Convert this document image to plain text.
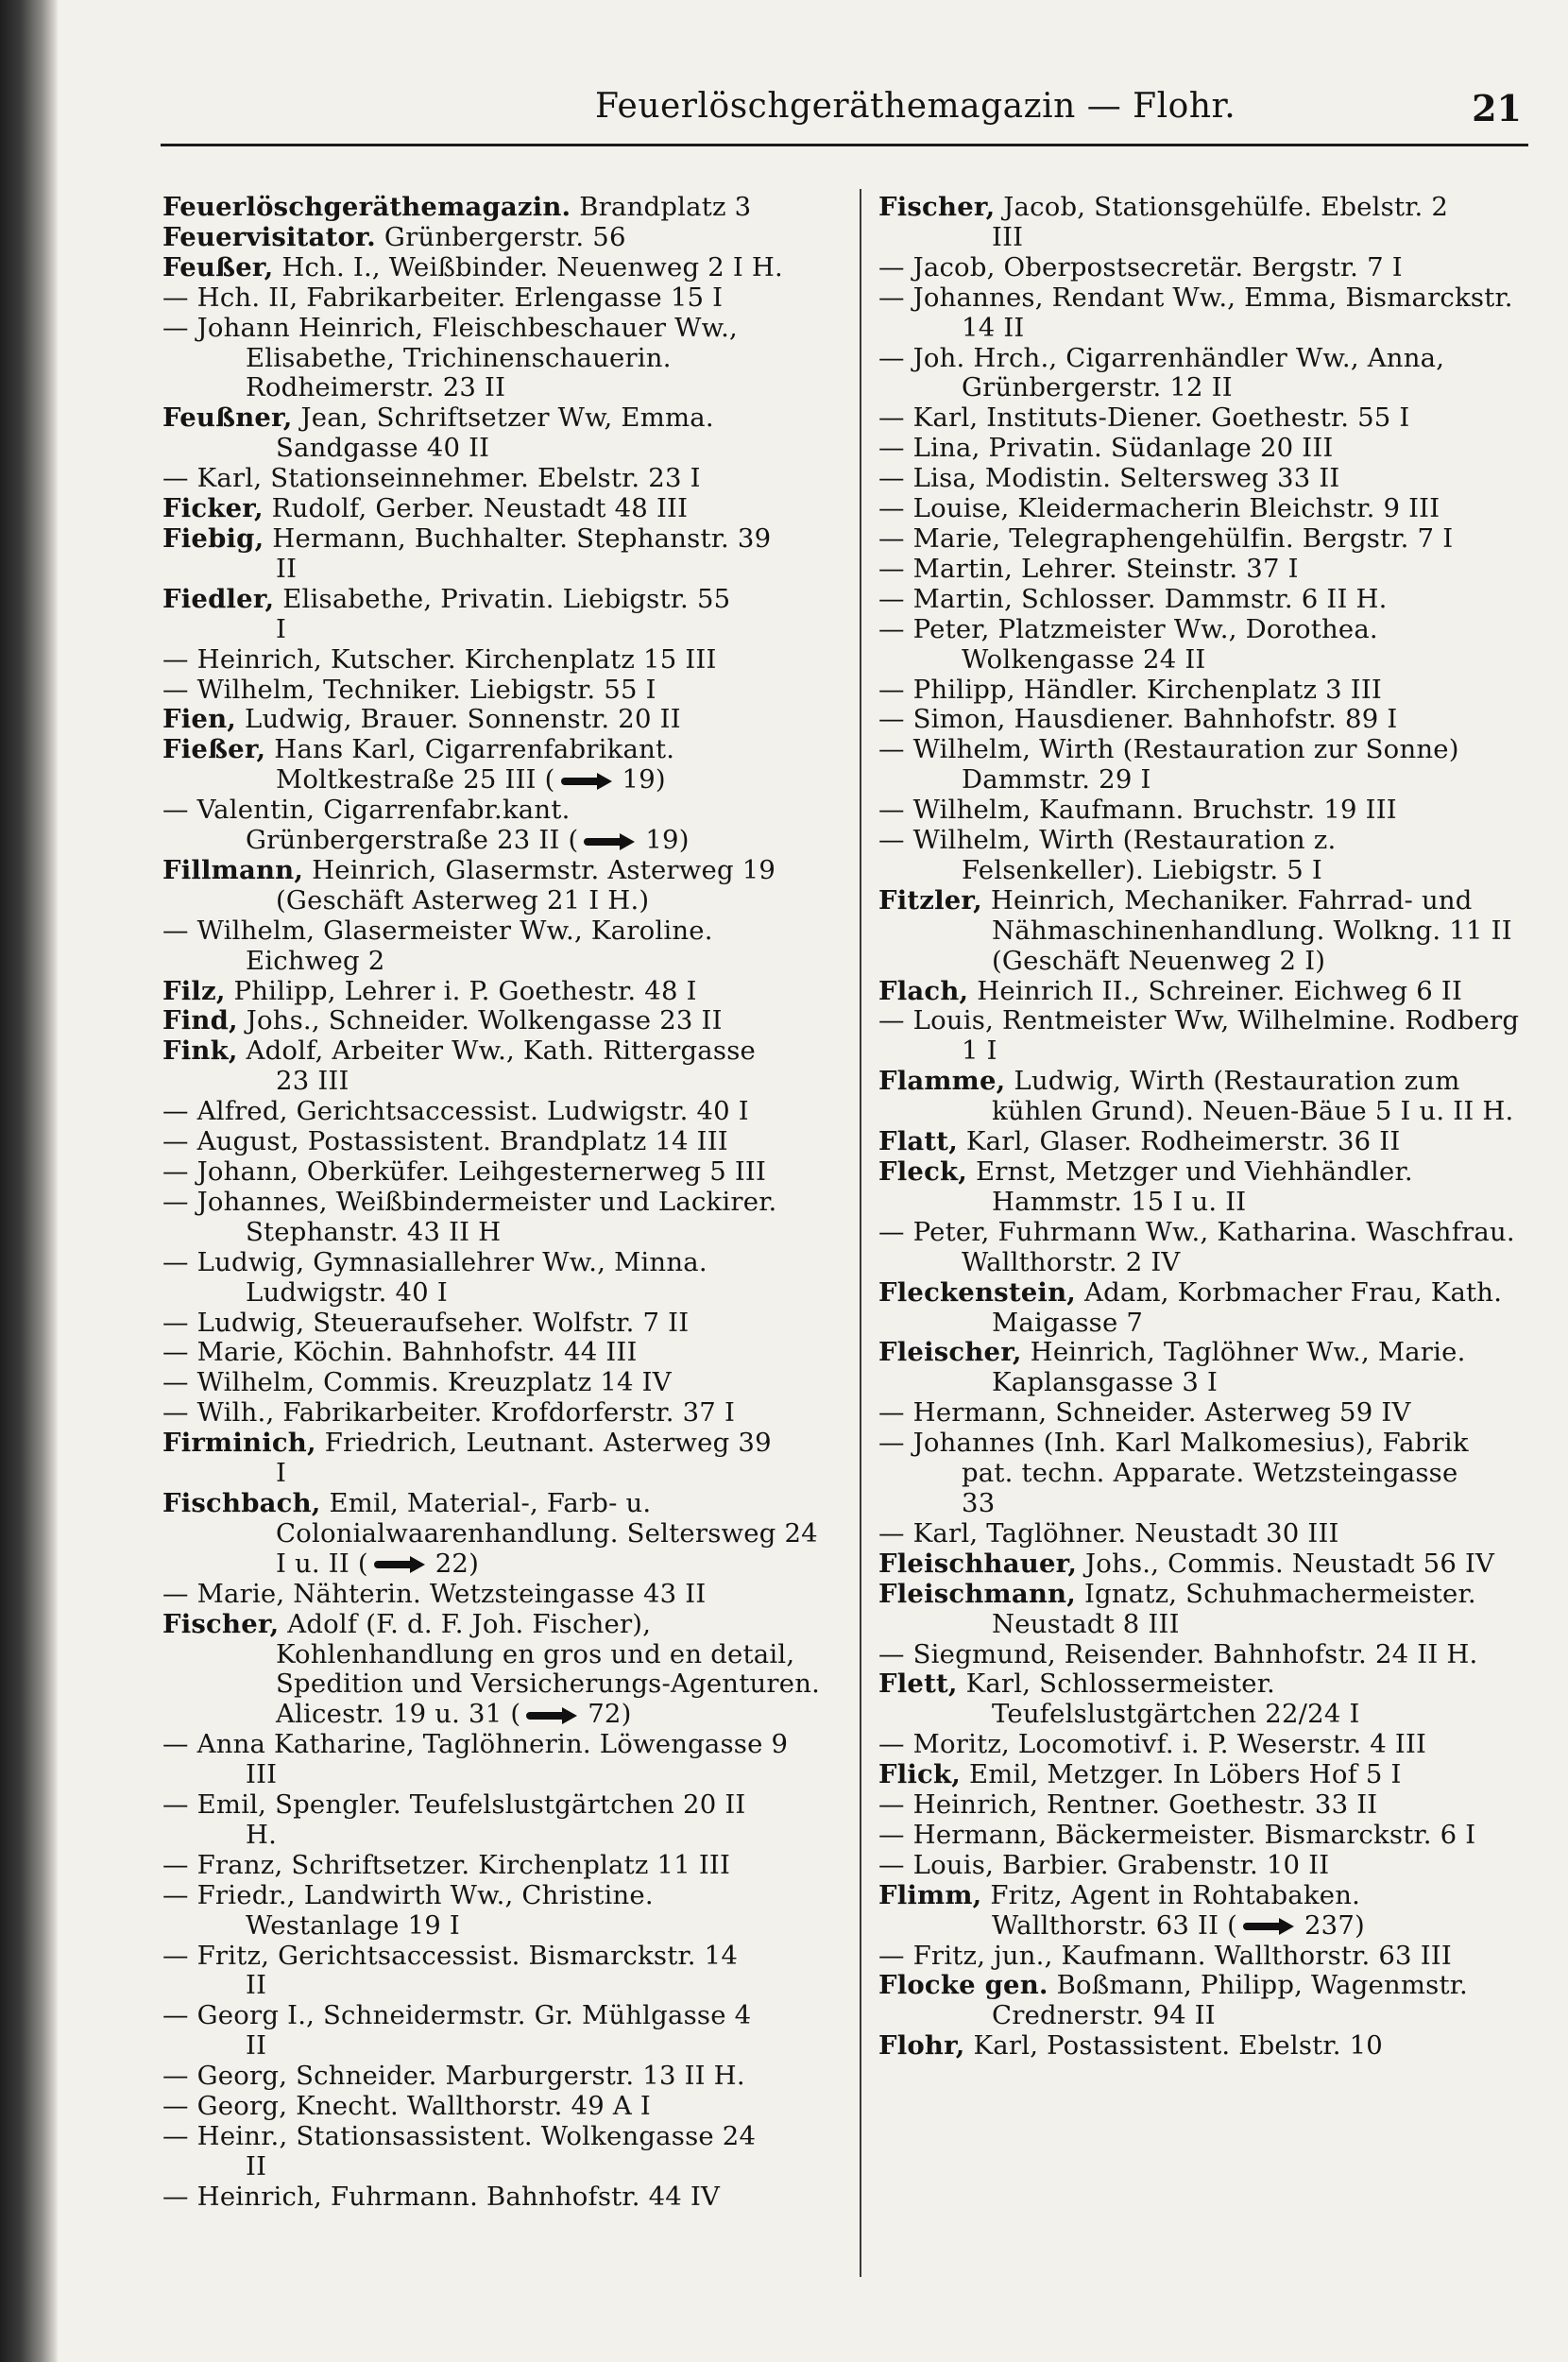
Feuerlöschgeräthemagazin — Flohr.	21
Feuerlöschgeräthemagazin. Brandplatz 3
Feuervisitator. Grünbergerstr. 56
Feußer, Hch. I., Weißbinder. Neuenweg 2 I H.
— Hch. II, Fabrikarbeiter. Erlengasse 15 I
— Johann Heinrich, Fleischbeschauer Ww.,
Elisabethe, Trichinenschauerin.
Rodheimerstr. 23 II
Feußner, Jean, Schriftsetzer Ww, Emma.
Sandgasse 40 II
— Karl, Stationseinnehmer. Ebelstr. 23 I
Ficker, Rudolf, Gerber. Neustadt 48 III
Fiebig, Hermann, Buchhalter. Stephanstr. 39
II
Fiedler, Elisabethe, Privatin. Liebigstr. 55
I
— Heinrich, Kutscher. Kirchenplatz 15 III
— Wilhelm, Techniker. Liebigstr. 55 I
Fien, Ludwig, Brauer. Sonnenstr. 20 II
Fießer, Hans Karl, Cigarrenfabrikant.
Moltkestraße 25 III ( 19)
— Valentin, Cigarrenfabr.kant.
Grünbergerstraße 23 II ( 19)
Fillmann, Heinrich, Glasermstr. Asterweg 19
(Geschäft Asterweg 21 I H.)
— Wilhelm, Glasermeister Ww., Karoline.
Eichweg 2
Filz, Philipp, Lehrer i. P. Goethestr. 48 I
Find, Johs., Schneider. Wolkengasse 23 II
Fink, Adolf, Arbeiter Ww., Kath. Rittergasse
23 III
— Alfred, Gerichtsaccessist. Ludwigstr. 40 I
— August, Postassistent. Brandplatz 14 III
— Johann, Oberküfer. Leihgesternerweg 5 III
— Johannes, Weißbindermeister und Lackirer.
Stephanstr. 43 II H
— Ludwig, Gymnasiallehrer Ww., Minna.
Ludwigstr. 40 I
— Ludwig, Steueraufseher. Wolfstr. 7 II
— Marie, Köchin. Bahnhofstr. 44 III
— Wilhelm, Commis. Kreuzplatz 14 IV
— Wilh., Fabrikarbeiter. Krofdorferstr. 37 I
Firminich, Friedrich, Leutnant. Asterweg 39
I
Fischbach, Emil, Material-, Farb- u.
Colonialwaarenhandlung. Seltersweg 24
I u. II ( 22)
— Marie, Nähterin. Wetzsteingasse 43 II
Fischer, Adolf (F. d. F. Joh. Fischer),
Kohlenhandlung en gros und en detail,
Spedition und Versicherungs-Agenturen.
Alicestr. 19 u. 31 ( 72)
— Anna Katharine, Taglöhnerin. Löwengasse 9
III
— Emil, Spengler. Teufelslustgärtchen 20 II
H.
— Franz, Schriftsetzer. Kirchenplatz 11 III
— Friedr., Landwirth Ww., Christine.
Westanlage 19 I
— Fritz, Gerichtsaccessist. Bismarckstr. 14
II
— Georg I., Schneidermstr. Gr. Mühlgasse 4
II
— Georg, Schneider. Marburgerstr. 13 II H.
— Georg, Knecht. Wallthorstr. 49 A I
— Heinr., Stationsassistent. Wolkengasse 24
II
— Heinrich, Fuhrmann. Bahnhofstr. 44 IV
Fischer, Jacob, Stationsgehülfe. Ebelstr. 2
III
— Jacob, Oberpostsecretär. Bergstr. 7 I
— Johannes, Rendant Ww., Emma, Bismarckstr.
14 II
— Joh. Hrch., Cigarrenhändler Ww., Anna,
Grünbergerstr. 12 II
— Karl, Instituts-Diener. Goethestr. 55 I
— Lina, Privatin. Südanlage 20 III
— Lisa, Modistin. Seltersweg 33 II
— Louise, Kleidermacherin Bleichstr. 9 III
— Marie, Telegraphengehülfin. Bergstr. 7 I
— Martin, Lehrer. Steinstr. 37 I
— Martin, Schlosser. Dammstr. 6 II H.
— Peter, Platzmeister Ww., Dorothea.
Wolkengasse 24 II
— Philipp, Händler. Kirchenplatz 3 III
— Simon, Hausdiener. Bahnhofstr. 89 I
— Wilhelm, Wirth (Restauration zur Sonne)
Dammstr. 29 I
— Wilhelm, Kaufmann. Bruchstr. 19 III
— Wilhelm, Wirth (Restauration z.
Felsenkeller). Liebigstr. 5 I
Fitzler, Heinrich, Mechaniker. Fahrrad- und
Nähmaschinenhandlung. Wolkng. 11 II
(Geschäft Neuenweg 2 I)
Flach, Heinrich II., Schreiner. Eichweg 6 II
— Louis, Rentmeister Ww, Wilhelmine. Rodberg
1 I
Flamme, Ludwig, Wirth (Restauration zum
kühlen Grund). Neuen-Bäue 5 I u. II H.
Flatt, Karl, Glaser. Rodheimerstr. 36 II
Fleck, Ernst, Metzger und Viehhändler.
Hammstr. 15 I u. II
— Peter, Fuhrmann Ww., Katharina. Waschfrau.
Wallthorstr. 2 IV
Fleckenstein, Adam, Korbmacher Frau, Kath.
Maigasse 7
Fleischer, Heinrich, Taglöhner Ww., Marie.
Kaplansgasse 3 I
— Hermann, Schneider. Asterweg 59 IV
— Johannes (Inh. Karl Malkomesius), Fabrik
pat. techn. Apparate. Wetzsteingasse
33
— Karl, Taglöhner. Neustadt 30 III
Fleischhauer, Johs., Commis. Neustadt 56 IV
Fleischmann, Ignatz, Schuhmachermeister.
Neustadt 8 III
— Siegmund, Reisender. Bahnhofstr. 24 II H.
Flett, Karl, Schlossermeister.
Teufelslustgärtchen 22/24 I
— Moritz, Locomotivf. i. P. Weserstr. 4 III
Flick, Emil, Metzger. In Löbers Hof 5 I
— Heinrich, Rentner. Goethestr. 33 II
— Hermann, Bäckermeister. Bismarckstr. 6 I
— Louis, Barbier. Grabenstr. 10 II
Flimm, Fritz, Agent in Rohtabaken.
Wallthorstr. 63 II ( 237)
— Fritz, jun., Kaufmann. Wallthorstr. 63 III
Flocke gen. Boßmann, Philipp, Wagenmstr.
Crednerstr. 94 II
Flohr, Karl, Postassistent. Ebelstr. 10
